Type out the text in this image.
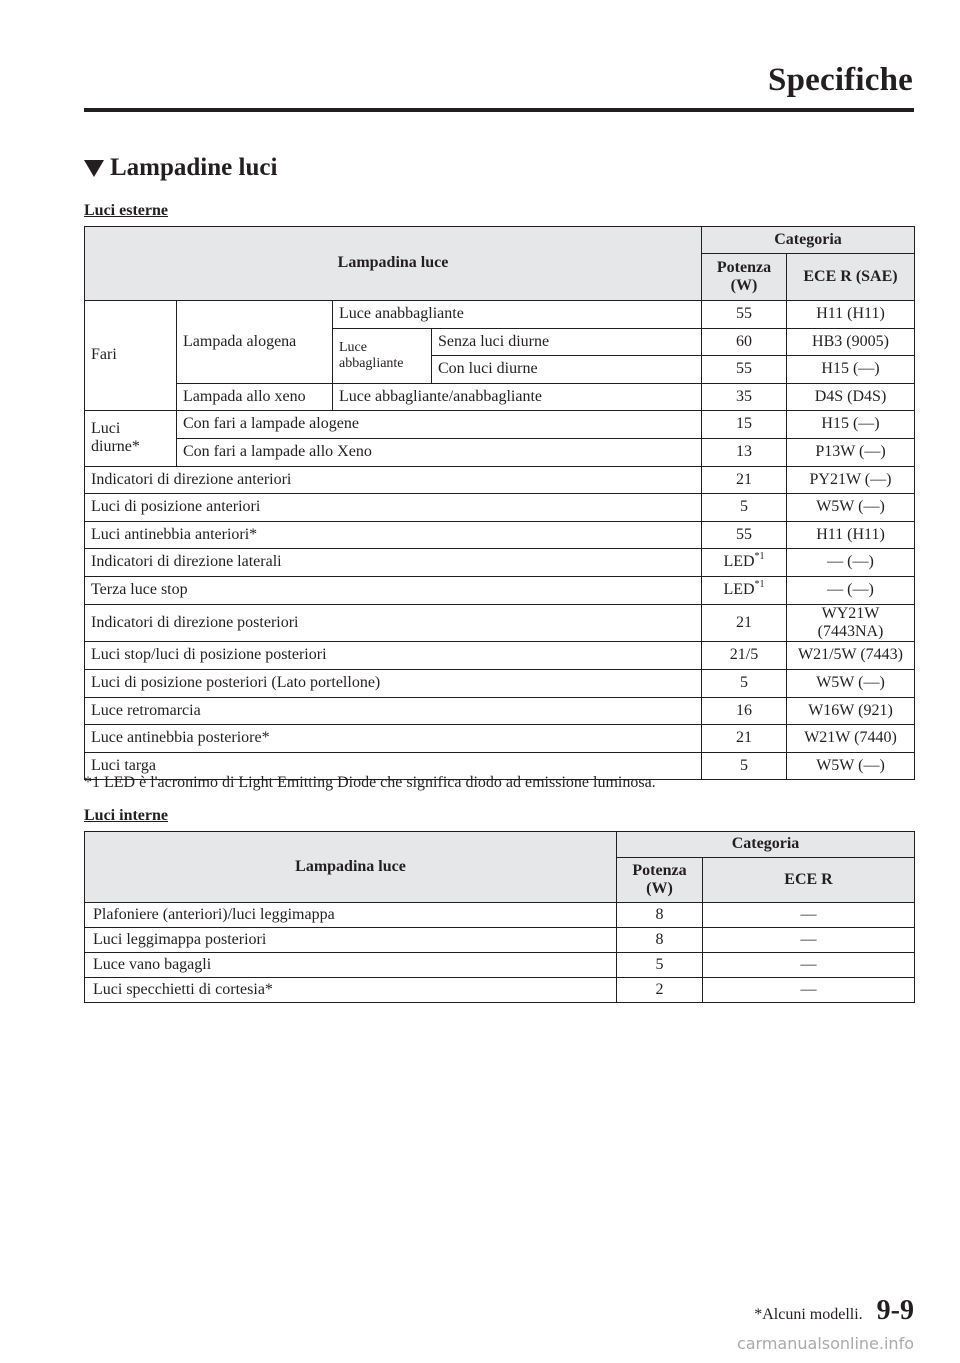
Specifiche
Lampadine luci
Luci esterne
Lampadina luce				Categoria	
				Potenza (W)	ECE R (SAE)
Fari	Lampada alogena	Luce anabbagliante		55	H11 (H11)
		Luce abbagliante	Senza luci diurne	60	HB3 (9005)
			Con luci diurne	55	H15 (—)
	Lampada allo xeno	Luce abbagliante/anabbagliante		35	D4S (D4S)
Luci diurne*	Con fari a lampade alogene			15	H15 (—)
	Con fari a lampade allo Xeno			13	P13W (—)
Indicatori di direzione anteriori				21	PY21W (—)
Luci di posizione anteriori				5	W5W (—)
Luci antinebbia anteriori*				55	H11 (H11)
Indicatori di direzione laterali				LED$^{*1}$	— (—)
Terza luce stop				LED$^{*1}$	— (—)
Indicatori di direzione posteriori				21	WY21W (7443NA)
Luci stop/luci di posizione posteriori				21/5	W21/5W (7443)
Luci di posizione posteriori (Lato portellone)				5	W5W (—)
Luce retromarcia				16	W16W (921)
Luce antinebbia posteriore*				21	W21W (7440)
Luci targa				5	W5W (—)
*1 LED è l'acronimo di Light Emitting Diode che significa diodo ad emissione luminosa.
Luci interne
Lampadina luce	Categoria	
	Potenza (W)	ECE R
Plafoniere (anteriori)/luci leggimappa	8	—
Luci leggimappa posteriori	8	—
Luce vano bagagli	5	—
Luci specchietti di cortesia*	2	—
*Alcuni modelli. 9-9
carmanualsonline.info
